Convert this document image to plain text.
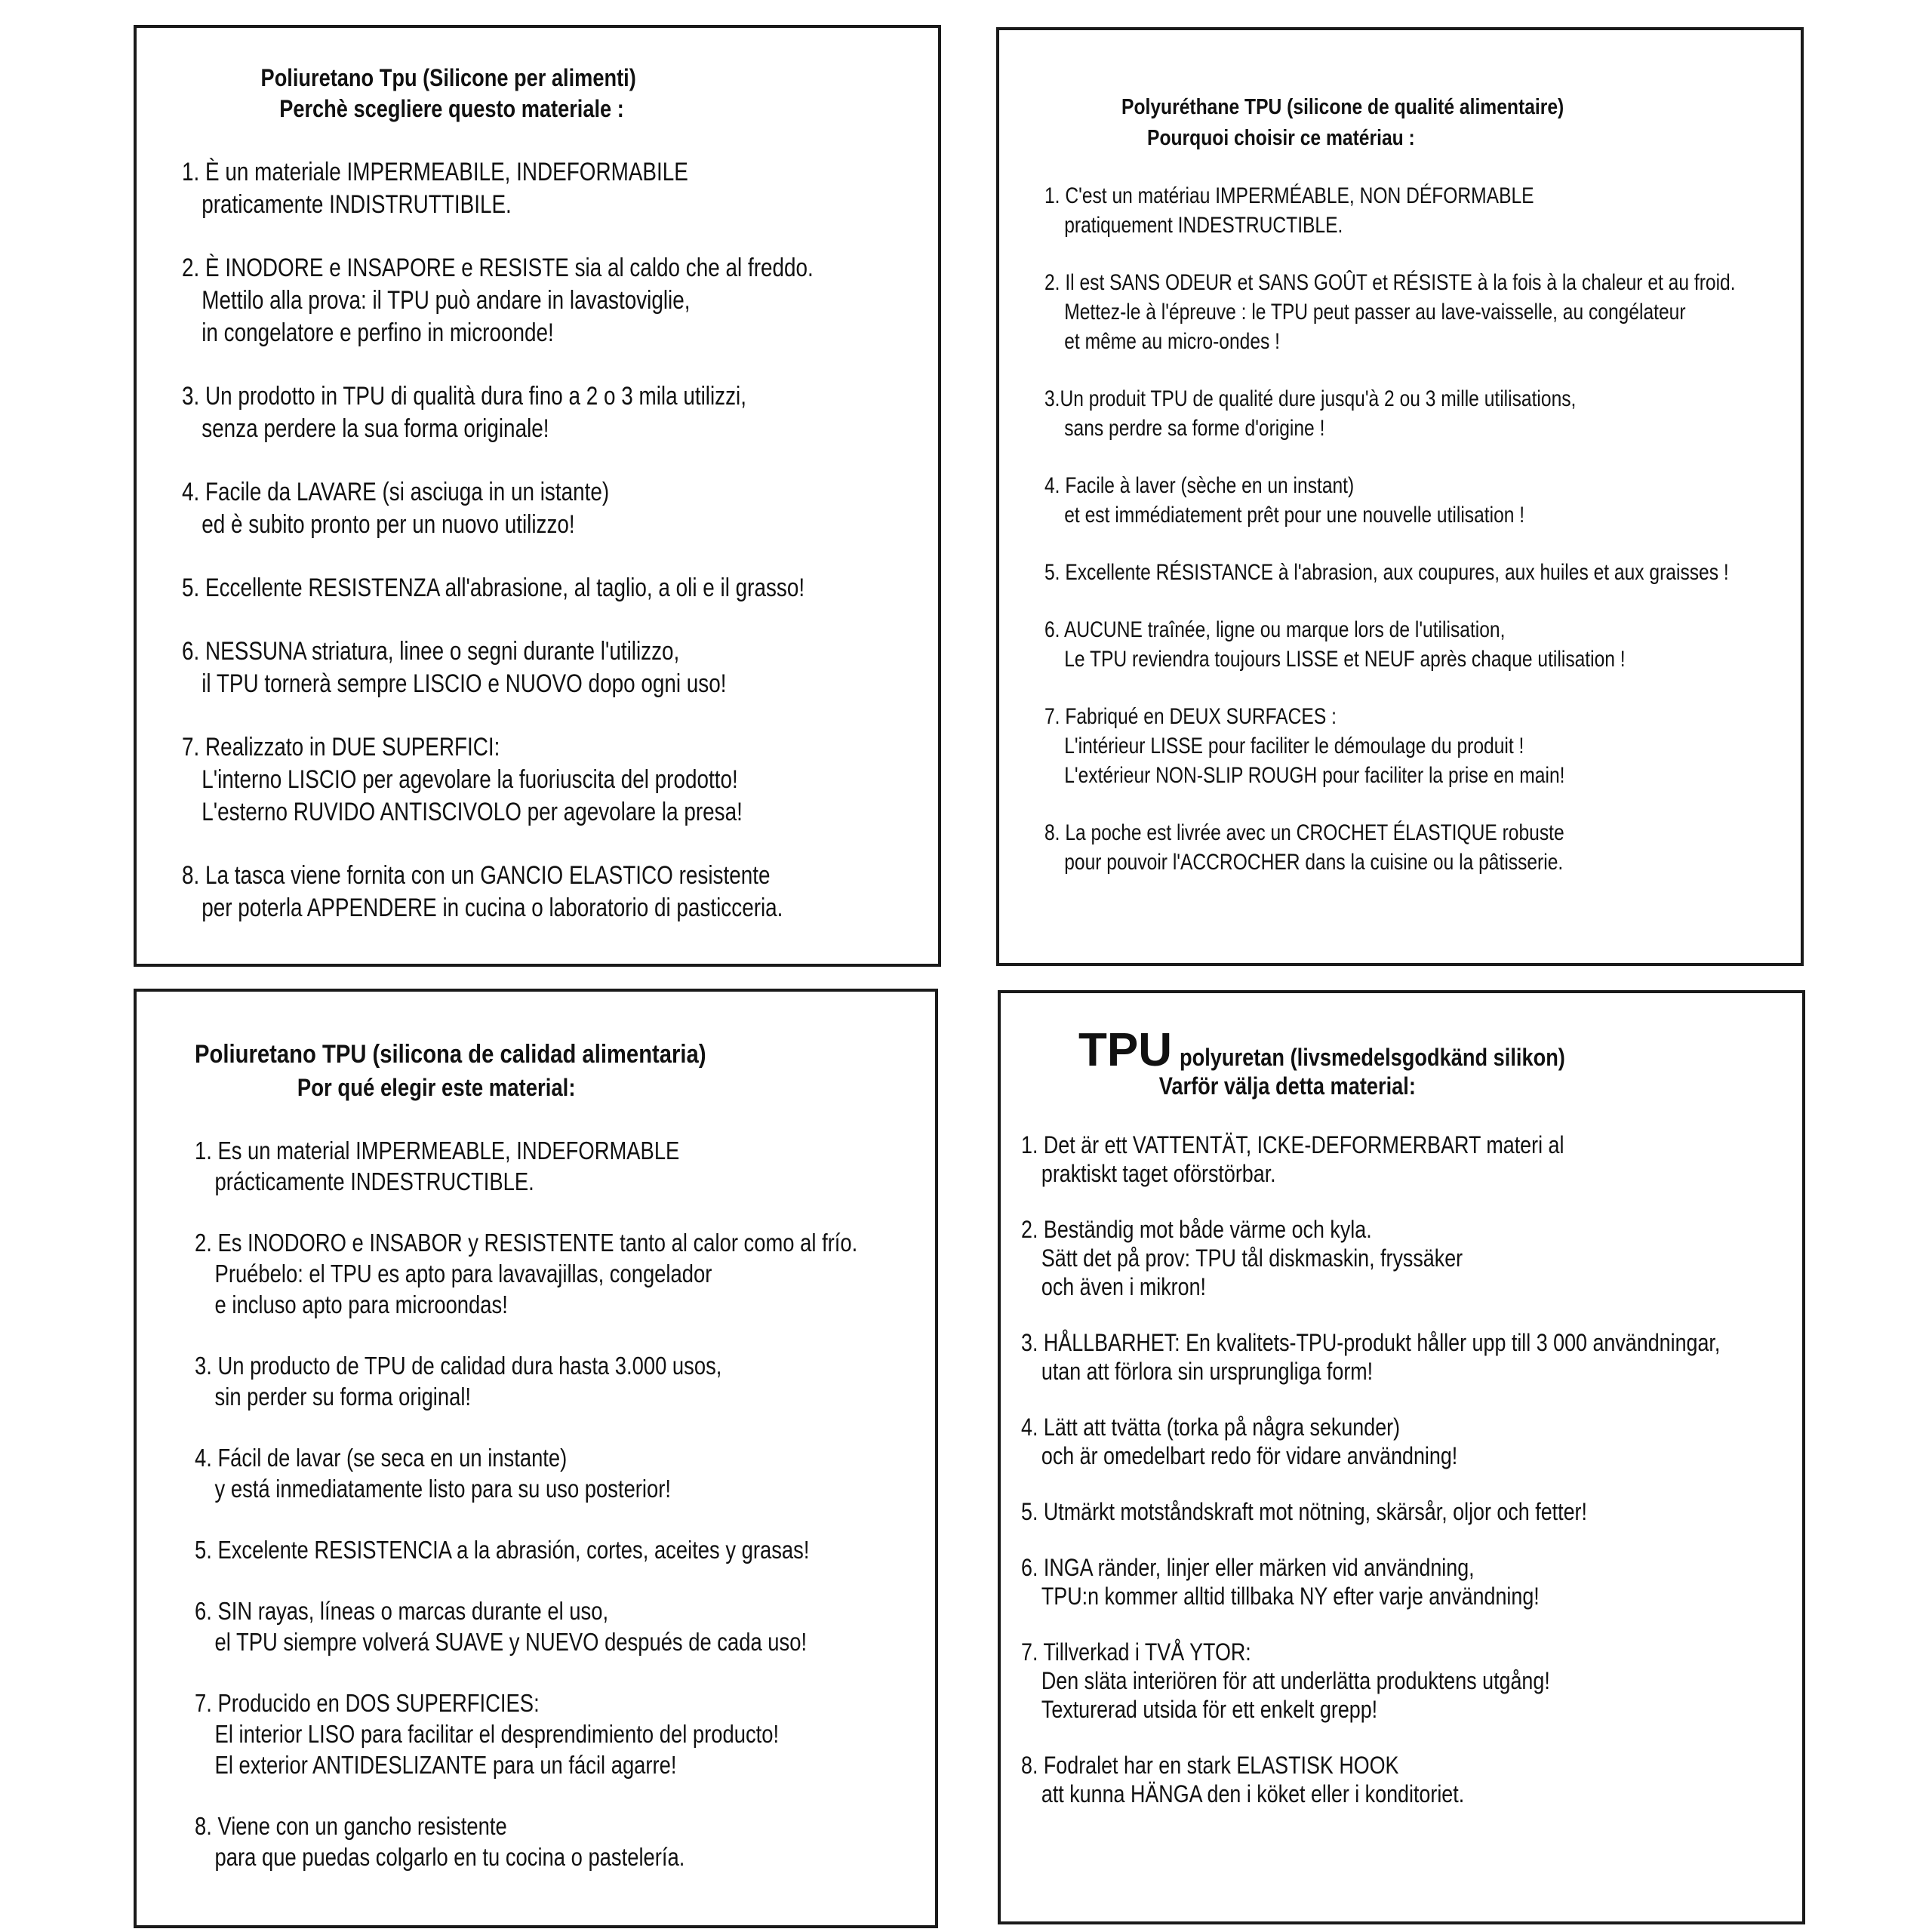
Poliuretano Tpu (Silicone per alimenti)
Perchè scegliere questo materiale :
1. È un materiale IMPERMEABILE, INDEFORMABILE
praticamente INDISTRUTTIBILE.
2. È INODORE e INSAPORE e RESISTE sia al caldo che al freddo.
Mettilo alla prova: il TPU può andare in lavastoviglie,
in congelatore e perfino in microonde!
3. Un prodotto in TPU di qualità dura fino a 2 o 3 mila utilizzi,
senza perdere la sua forma originale!
4. Facile da LAVARE (si asciuga in un istante)
ed è subito pronto per un nuovo utilizzo!
5. Eccellente RESISTENZA all'abrasione, al taglio, a oli e il grasso!
6. NESSUNA striatura, linee o segni durante l'utilizzo,
il TPU tornerà sempre LISCIO e NUOVO dopo ogni uso!
7. Realizzato in DUE SUPERFICI:
L'interno LISCIO per agevolare la fuoriuscita del prodotto!
L'esterno RUVIDO ANTISCIVOLO per agevolare la presa!
8. La tasca viene fornita con un GANCIO ELASTICO resistente
per poterla APPENDERE in cucina o laboratorio di pasticceria.
Polyuréthane TPU (silicone de qualité alimentaire)
Pourquoi choisir ce matériau :
1. C'est un matériau IMPERMÉABLE, NON DÉFORMABLE
pratiquement INDESTRUCTIBLE.
2. Il est SANS ODEUR et SANS GOÛT et RÉSISTE à la fois à la chaleur et au froid.
Mettez-le à l'épreuve : le TPU peut passer au lave-vaisselle, au congélateur
et même au micro-ondes !
3.Un produit TPU de qualité dure jusqu'à 2 ou 3 mille utilisations,
sans perdre sa forme d'origine !
4. Facile à laver (sèche en un instant)
et est immédiatement prêt pour une nouvelle utilisation !
5. Excellente RÉSISTANCE à l'abrasion, aux coupures, aux huiles et aux graisses !
6. AUCUNE traînée, ligne ou marque lors de l'utilisation,
Le TPU reviendra toujours LISSE et NEUF après chaque utilisation !
7. Fabriqué en DEUX SURFACES :
L'intérieur LISSE pour faciliter le démoulage du produit !
L'extérieur NON-SLIP ROUGH pour faciliter la prise en main!
8. La poche est livrée avec un CROCHET ÉLASTIQUE robuste
pour pouvoir l'ACCROCHER dans la cuisine ou la pâtisserie.
Poliuretano TPU (silicona de calidad alimentaria)
Por qué elegir este material:
1. Es un material IMPERMEABLE, INDEFORMABLE
prácticamente INDESTRUCTIBLE.
2. Es INODORO e INSABOR y RESISTENTE tanto al calor como al frío.
Pruébelo: el TPU es apto para lavavajillas, congelador
e incluso apto para microondas!
3. Un producto de TPU de calidad dura hasta 3.000 usos,
sin perder su forma original!
4. Fácil de lavar (se seca en un instante)
y está inmediatamente listo para su uso posterior!
5. Excelente RESISTENCIA a la abrasión, cortes, aceites y grasas!
6. SIN rayas, líneas o marcas durante el uso,
el TPU siempre volverá SUAVE y NUEVO después de cada uso!
7. Producido en DOS SUPERFICIES:
El interior LISO para facilitar el desprendimiento del producto!
El exterior ANTIDESLIZANTE para un fácil agarre!
8. Viene con un gancho resistente
para que puedas colgarlo en tu cocina o pastelería.
TPU polyuretan (livsmedelsgodkänd silikon)
Varför välja detta material:
1. Det är ett VATTENTÄT, ICKE-DEFORMERBART materi al
praktiskt taget oförstörbar.
2. Beständig mot både värme och kyla.
Sätt det på prov: TPU tål diskmaskin, fryssäker
och även i mikron!
3. HÅLLBARHET: En kvalitets-TPU-produkt håller upp till 3 000 användningar,
utan att förlora sin ursprungliga form!
4. Lätt att tvätta (torka på några sekunder)
och är omedelbart redo för vidare användning!
5. Utmärkt motståndskraft mot nötning, skärsår, oljor och fetter!
6. INGA ränder, linjer eller märken vid användning,
TPU:n kommer alltid tillbaka NY efter varje användning!
7. Tillverkad i TVÅ YTOR:
Den släta interiören för att underlätta produktens utgång!
Texturerad utsida för ett enkelt grepp!
8. Fodralet har en stark ELASTISK HOOK
att kunna HÄNGA den i köket eller i konditoriet.
